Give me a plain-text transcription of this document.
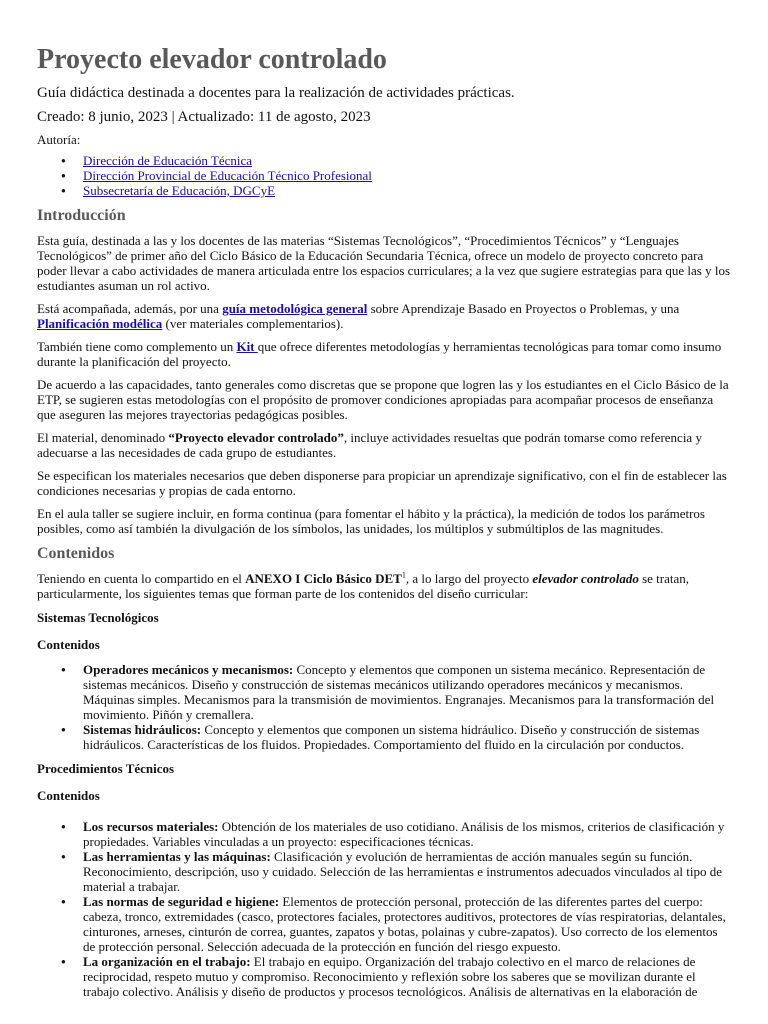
Proyecto elevador controlado
Guía didáctica destinada a docentes para la realización de actividades prácticas.
Creado: 8 junio, 2023 | Actualizado: 11 de agosto, 2023
Autoría:
● Dirección de Educación Técnica
● Dirección Provincial de Educación Técnico Profesional
● Subsecretaría de Educación, DGCyE
Introducción

Esta guía, destinada a las y los docentes de las materias “Sistemas Tecnológicos”, “Procedimientos Técnicos” y “Lenguajes Tecnológicos” de primer año del Ciclo Básico de la Educación Secundaria Técnica, ofrece un modelo de proyecto concreto para poder llevar a cabo actividades de manera articulada entre los espacios curriculares; a la vez que sugiere estrategias para que las y los estudiantes asuman un rol activo.

Está acompañada, además, por una guía metodológica general sobre Aprendizaje Basado en Proyectos o Problemas, y una Planificación modélica (ver materiales complementarios).

También tiene como complemento un Kit que ofrece diferentes metodologías y herramientas tecnológicas para tomar como insumo durante la planificación del proyecto.

De acuerdo a las capacidades, tanto generales como discretas que se propone que logren las y los estudiantes en el Ciclo Básico de la ETP, se sugieren estas metodologías con el propósito de promover condiciones apropiadas para acompañar procesos de enseñanza que aseguren las mejores trayectorias pedagógicas posibles.

El material, denominado “Proyecto elevador controlado”, incluye actividades resueltas que podrán tomarse como referencia y adecuarse a las necesidades de cada grupo de estudiantes.

Se especifican los materiales necesarios que deben disponerse para propiciar un aprendizaje significativo, con el fin de establecer las condiciones necesarias y propias de cada entorno.

En el aula taller se sugiere incluir, en forma continua (para fomentar el hábito y la práctica), la medición de todos los parámetros posibles, como así también la divulgación de los símbolos, las unidades, los múltiplos y submúltiplos de las magnitudes.

Contenidos

Teniendo en cuenta lo compartido en el ANEXO I Ciclo Básico DET$^1$, a lo largo del proyecto elevador controlado se tratan, particularmente, los siguientes temas que forman parte de los contenidos del diseño curricular:

Sistemas Tecnológicos
Contenidos
● Operadores mecánicos y mecanismos: Concepto y elementos que componen un sistema mecánico. Representación de sistemas mecánicos. Diseño y construcción de sistemas mecánicos utilizando operadores mecánicos y mecanismos. Máquinas simples. Mecanismos para la transmisión de movimientos. Engranajes. Mecanismos para la transformación del movimiento. Piñón y cremallera.
● Sistemas hidráulicos: Concepto y elementos que componen un sistema hidráulico. Diseño y construcción de sistemas hidráulicos. Características de los fluidos. Propiedades. Comportamiento del fluido en la circulación por conductos.
Procedimientos Técnicos
Contenidos
● Los recursos materiales: Obtención de los materiales de uso cotidiano. Análisis de los mismos, criterios de clasificación y propiedades. Variables vinculadas a un proyecto: especificaciones técnicas.
● Las herramientas y las máquinas: Clasificación y evolución de herramientas de acción manuales según su función. Reconocimiento, descripción, uso y cuidado. Selección de las herramientas e instrumentos adecuados vinculados al tipo de material a trabajar.
● Las normas de seguridad e higiene: Elementos de protección personal, protección de las diferentes partes del cuerpo: cabeza, tronco, extremidades (casco, protectores faciales, protectores auditivos, protectores de vías respiratorias, delantales, cinturones, arneses, cinturón de correa, guantes, zapatos y botas, polainas y cubre-zapatos). Uso correcto de los elementos de protección personal. Selección adecuada de la protección en función del riesgo expuesto.
● La organización en el trabajo: El trabajo en equipo. Organización del trabajo colectivo en el marco de relaciones de reciprocidad, respeto mutuo y compromiso. Reconocimiento y reflexión sobre los saberes que se movilizan durante el trabajo colectivo. Análisis y diseño de productos y procesos tecnológicos. Análisis de alternativas en la elaboración de
